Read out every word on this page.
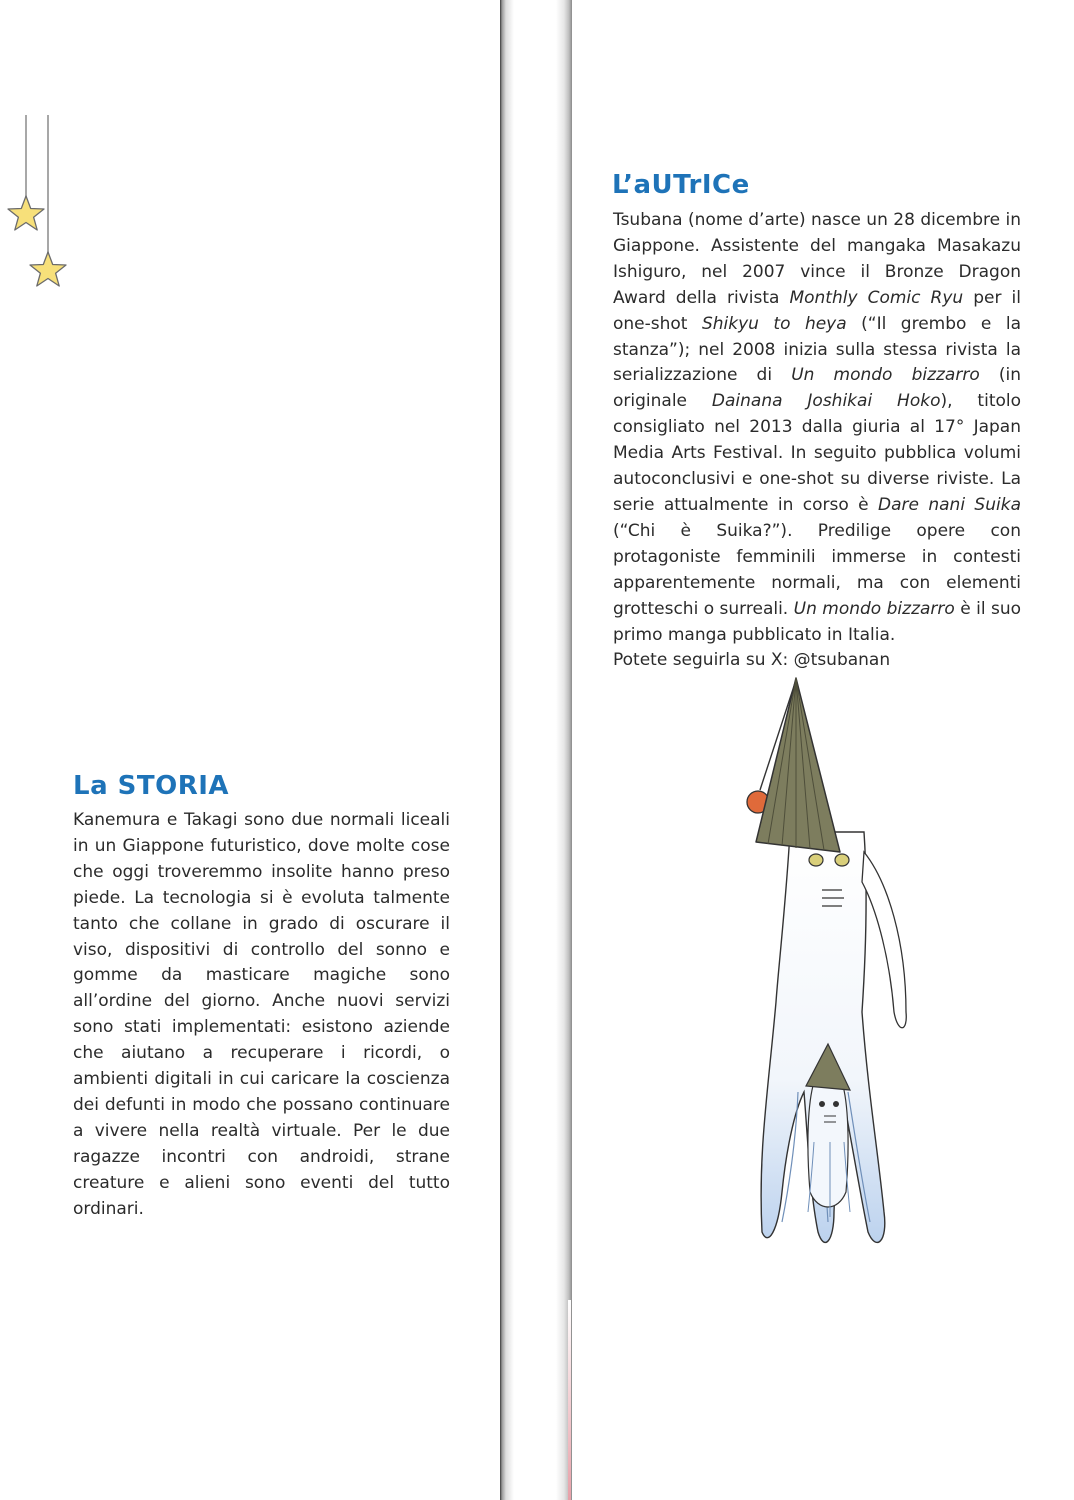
La STORIA

Kanemura e Takagi sono due normali liceali in un Giappone futuristico, dove molte cose che oggi troveremmo insolite hanno preso piede. La tecnologia si è evoluta talmente tanto che collane in grado di oscurare il viso, dispositivi di controllo del sonno e gomme da masticare magiche sono all’ordine del giorno. Anche nuovi servizi sono stati implementati: esistono aziende che aiutano a recuperare i ricordi, o ambienti digitali in cui caricare la coscienza dei defunti in modo che possano continuare a vivere nella realtà virtuale. Per le due ragazze incontri con androidi, strane creature e alieni sono eventi del tutto ordinari.

L’aUTrICe

Tsubana (nome d’arte) nasce un 28 dicembre in Giappone. Assistente del mangaka Masakazu Ishiguro, nel 2007 vince il Bronze Dragon Award della rivista Monthly Comic Ryu per il one-shot Shikyu to heya (“Il grembo e la stanza”); nel 2008 inizia sulla stessa rivista la serializzazione di Un mondo bizzarro (in originale Dainana Joshikai Hoko), titolo consigliato nel 2013 dalla giuria al 17° Japan Media Arts Festival. In seguito pubblica volumi autoconclusivi e one-shot su diverse riviste. La serie attualmente in corso è Dare nani Suika (“Chi è Suika?”). Predilige opere con protagoniste femminili immerse in contesti apparentemente normali, ma con elementi grotteschi o surreali. Un mondo bizzarro è il suo primo manga pubblicato in Italia.
Potete seguirla su X: @tsubanan
